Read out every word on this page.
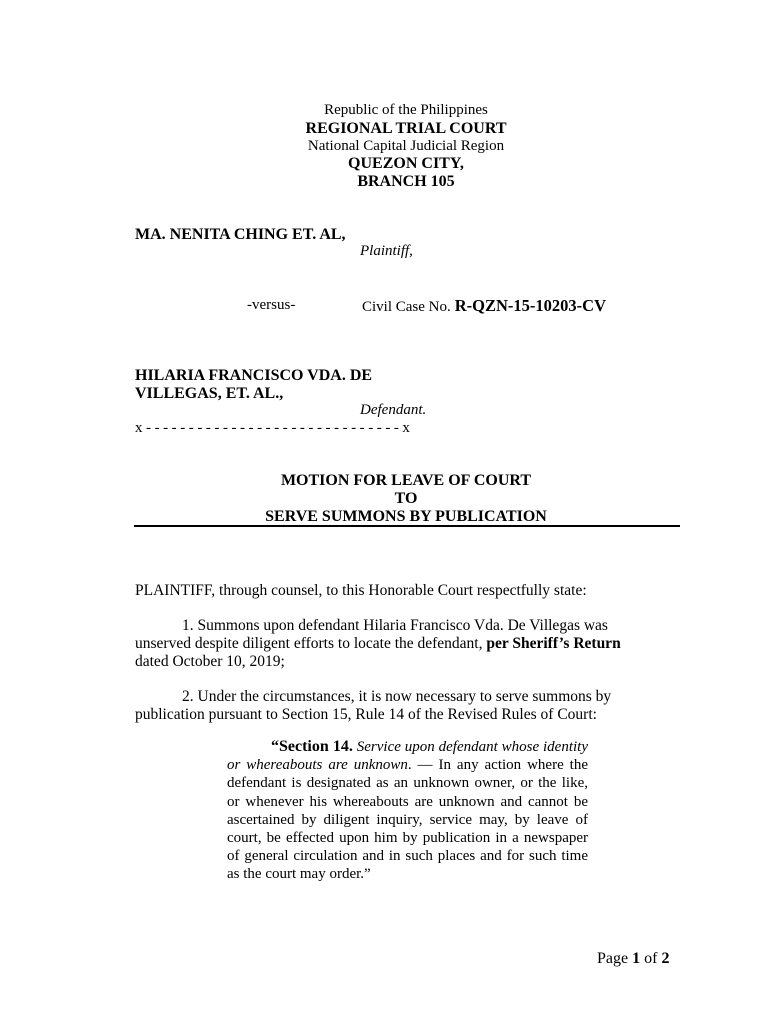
Republic of the Philippines
REGIONAL TRIAL COURT
National Capital Judicial Region
QUEZON CITY,
BRANCH 105
MA. NENITA CHING ET. AL,
Plaintiff,
-versus-	Civil Case No. R-QZN-15-10203-CV
HILARIA FRANCISCO VDA. DE
VILLEGAS, ET. AL.,
Defendant.
x - - - - - - - - - - - - - - - - - - - - - - - - - - - - - - x
MOTION FOR LEAVE OF COURT
TO
SERVE SUMMONS BY PUBLICATION
PLAINTIFF, through counsel, to this Honorable Court respectfully state:
1. Summons upon defendant Hilaria Francisco Vda. De Villegas was
unserved despite diligent efforts to locate the defendant, per Sheriff’s Return
dated October 10, 2019;
2. Under the circumstances, it is now necessary to serve summons by
publication pursuant to Section 15, Rule 14 of the Revised Rules of Court:
“Section 14. Service upon defendant whose identity or whereabouts are unknown. — In any action where the defendant is designated as an unknown owner, or the like, or whenever his whereabouts are unknown and cannot be ascertained by diligent inquiry, service may, by leave of court, be effected upon him by publication in a newspaper of general circulation and in such places and for such time as the court may order.”
Page 1 of 2
